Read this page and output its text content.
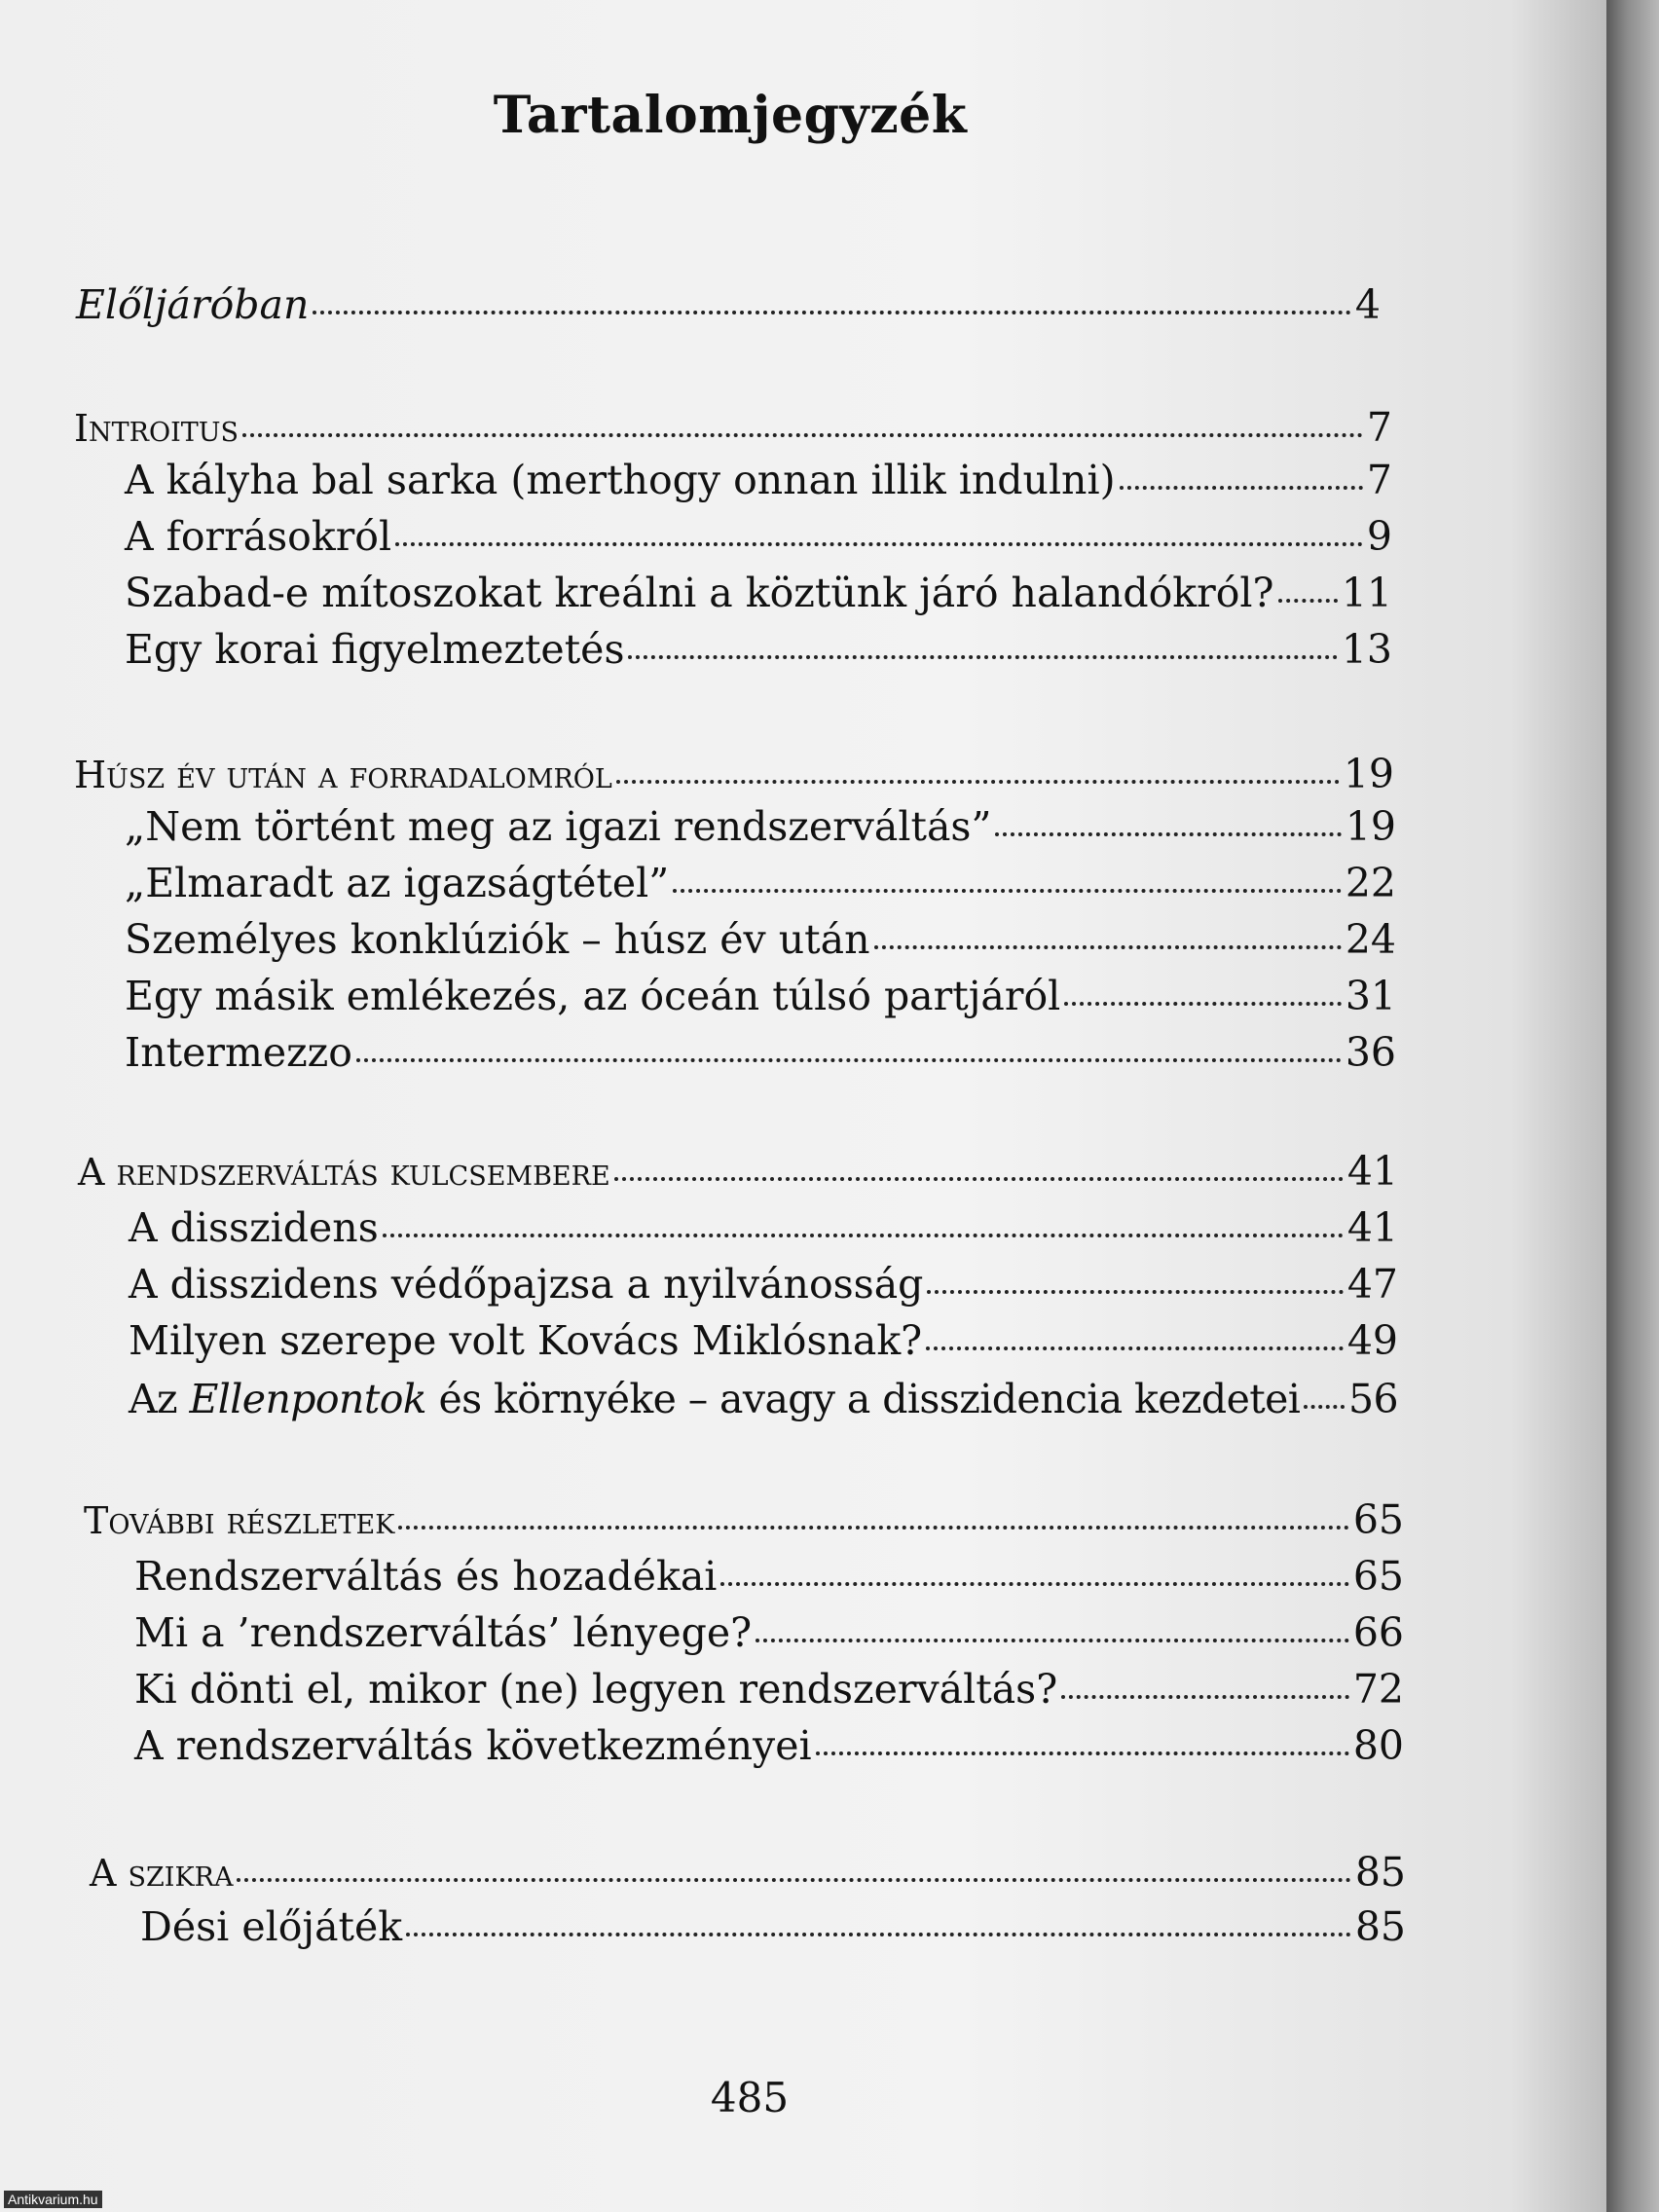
Tartalomjegyzék
Előljáróban	4
Introitus	7
A kályha bal sarka (merthogy onnan illik indulni)	7
A forrásokról	9
Szabad-e mítoszokat kreálni a köztünk járó halandókról? 11
Egy korai figyelmeztetés	13
Húsz év után a forradalomról	19
„Nem történt meg az igazi rendszerváltás”	19
„Elmaradt az igazságtétel”	22
Személyes konklúziók – húsz év után	24
Egy másik emlékezés, az óceán túlsó partjáról	31
Intermezzo	36
A rendszerváltás kulcsembere	41
A disszidens	41
A disszidens védőpajzsa a nyilvánosság	47
Milyen szerepe volt Kovács Miklósnak?	49
Az Ellenpontok és környéke – avagy a disszidencia kezdetei 56
További részletek	65
Rendszerváltás és hozadékai	65
Mi a ’rendszerváltás’ lényege?	66
Ki dönti el, mikor (ne) legyen rendszerváltás?	72
A rendszerváltás következményei	80
A szikra	85
Dési előjáték	85
485
Antikvarium.hu
